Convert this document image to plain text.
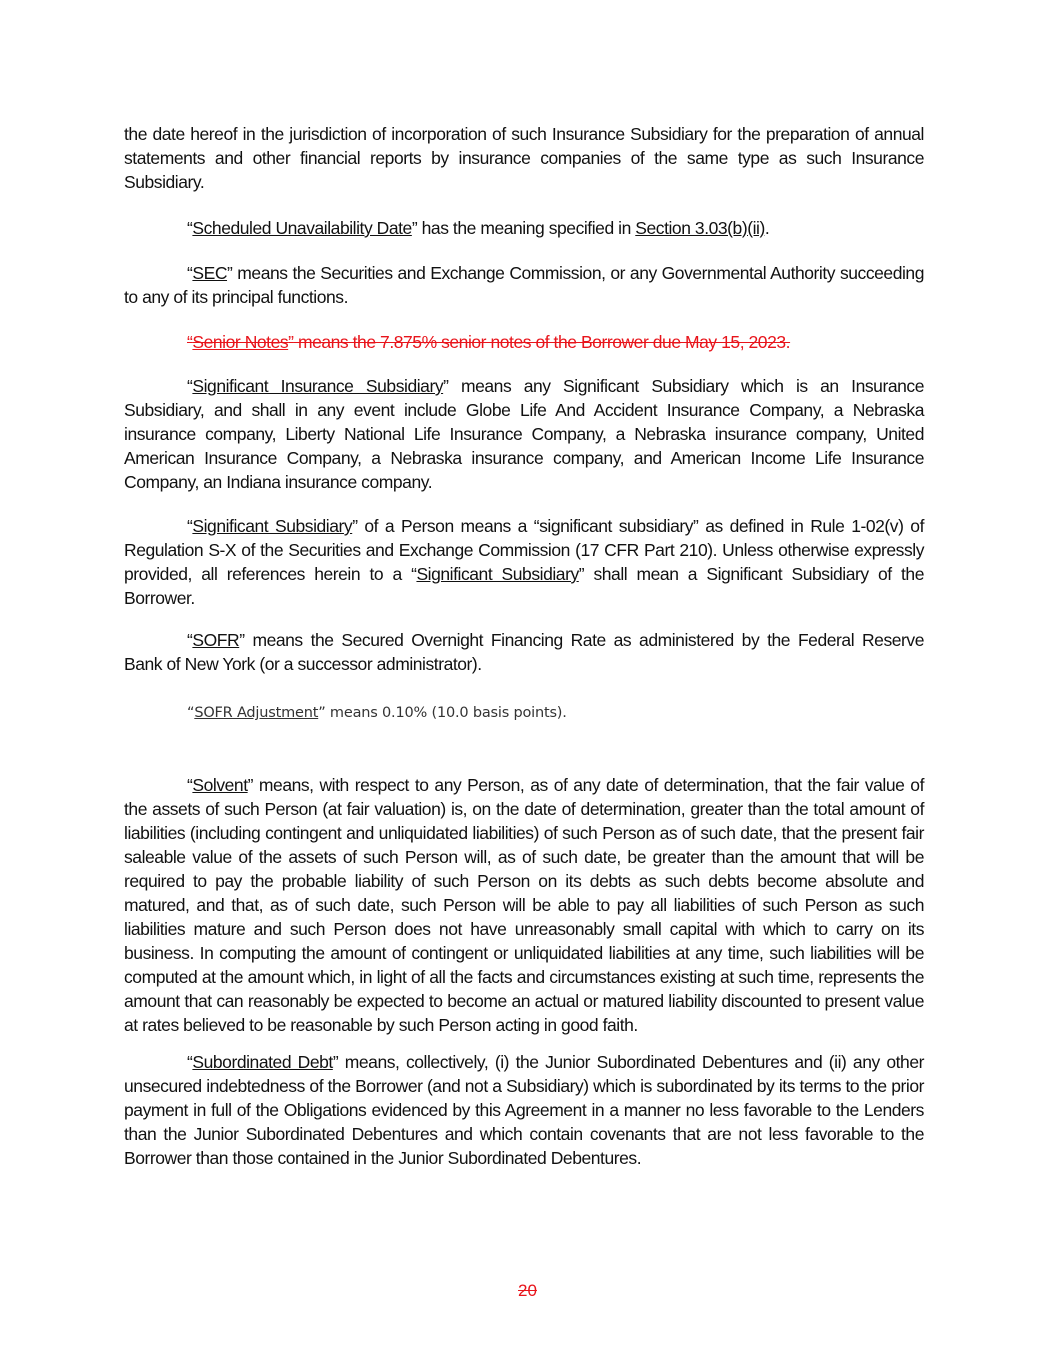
the date hereof in the jurisdiction of incorporation of such Insurance Subsidiary for the preparation of annual statements and other financial reports by insurance companies of the same type as such Insurance Subsidiary.
“Scheduled Unavailability Date” has the meaning specified in Section 3.03(b)(ii).
“SEC” means the Securities and Exchange Commission, or any Governmental Authority succeeding to any of its principal functions.
“Senior Notes” means the 7.875% senior notes of the Borrower due May 15, 2023.
“Significant Insurance Subsidiary” means any Significant Subsidiary which is an Insurance Subsidiary, and shall in any event include Globe Life And Accident Insurance Company, a Nebraska insurance company, Liberty National Life Insurance Company, a Nebraska insurance company, United American Insurance Company, a Nebraska insurance company, and American Income Life Insurance Company, an Indiana insurance company.
“Significant Subsidiary” of a Person means a “significant subsidiary” as defined in Rule 1-02(v) of Regulation S-X of the Securities and Exchange Commission (17 CFR Part 210). Unless otherwise expressly provided, all references herein to a “Significant Subsidiary” shall mean a Significant Subsidiary of the Borrower.
“SOFR” means the Secured Overnight Financing Rate as administered by the Federal Reserve Bank of New York (or a successor administrator).
“SOFR Adjustment” means 0.10% (10.0 basis points).
“Solvent” means, with respect to any Person, as of any date of determination, that the fair value of the assets of such Person (at fair valuation) is, on the date of determination, greater than the total amount of liabilities (including contingent and unliquidated liabilities) of such Person as of such date, that the present fair saleable value of the assets of such Person will, as of such date, be greater than the amount that will be required to pay the probable liability of such Person on its debts as such debts become absolute and matured, and that, as of such date, such Person will be able to pay all liabilities of such Person as such liabilities mature and such Person does not have unreasonably small capital with which to carry on its business. In computing the amount of contingent or unliquidated liabilities at any time, such liabilities will be computed at the amount which, in light of all the facts and circumstances existing at such time, represents the amount that can reasonably be expected to become an actual or matured liability discounted to present value at rates believed to be reasonable by such Person acting in good faith.
“Subordinated Debt” means, collectively, (i) the Junior Subordinated Debentures and (ii) any other unsecured indebtedness of the Borrower (and not a Subsidiary) which is subordinated by its terms to the prior payment in full of the Obligations evidenced by this Agreement in a manner no less favorable to the Lenders than the Junior Subordinated Debentures and which contain covenants that are not less favorable to the Borrower than those contained in the Junior Subordinated Debentures.
20
